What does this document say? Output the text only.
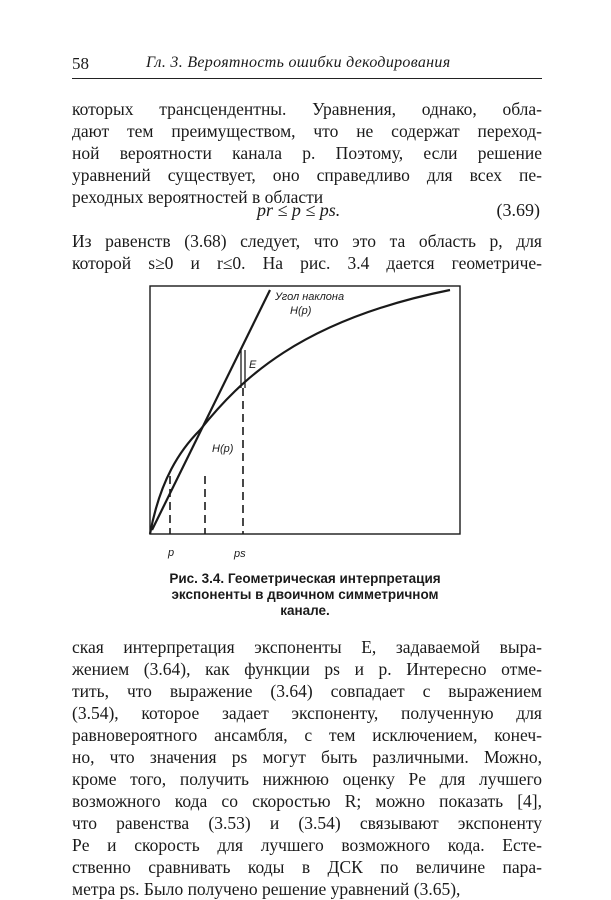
58	Гл. 3. Вероятность ошибки декодирования
которых трансцендентны. Уравнения, однако, обла-
дают тем преимуществом, что не содержат переход-
ной вероятности канала p. Поэтому, если решение
уравнений существует, оно справедливо для всех пе-
реходных вероятностей в области
pr ≤ p ≤ ps.	(3.69)
Из равенств (3.68) следует, что это та область p, для
которой s≥0 и r≤0. На рис. 3.4 дается геометриче-
Угол наклона
H(p)
E
H(p)
p	ps
Рис. 3.4. Геометрическая интерпретация
экспоненты в двоичном симметричном
канале.
ская интерпретация экспоненты E, задаваемой выра-
жением (3.64), как функции ps и p. Интересно отме-
тить, что выражение (3.64) совпадает с выражением
(3.54), которое задает экспоненту, полученную для
равновероятного ансамбля, с тем исключением, конеч-
но, что значения ps могут быть различными. Можно,
кроме того, получить нижнюю оценку Pe для лучшего
возможного кода со скоростью R; можно показать [4],
что равенства (3.53) и (3.54) связывают экспоненту
Pe и скорость для лучшего возможного кода. Есте-
ственно сравнивать коды в ДСК по величине пара-
метра ps. Было получено решение уравнений (3.65),
